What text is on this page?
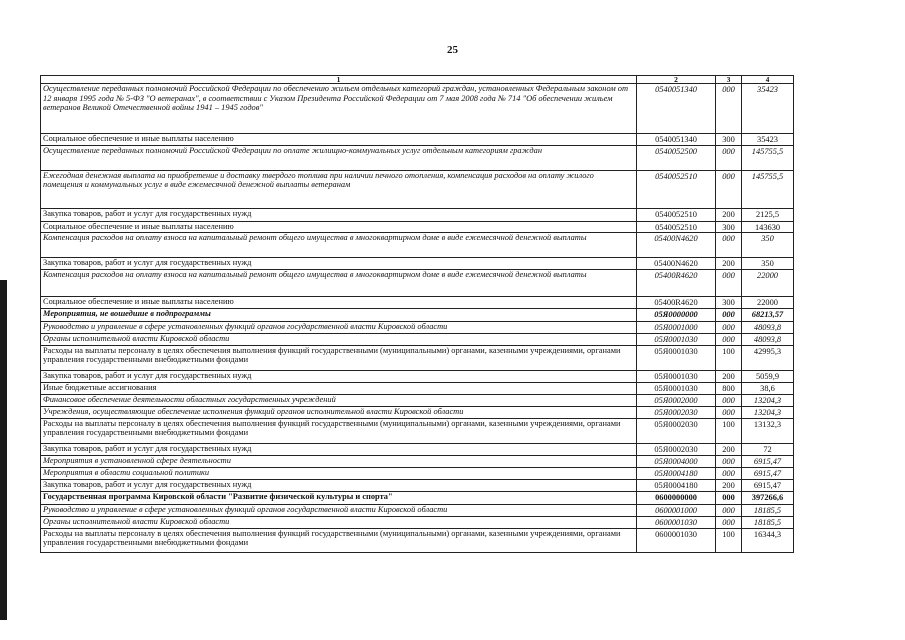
25
1	2	3	4
Осуществление переданных полномочий Российской Федерации по обеспечению жильем отдельных категорий граждан, установленных Федеральным законом от 12 января 1995 года № 5-ФЗ "О ветеранах", в соответствии с Указом Президента Российской Федерации от 7 мая 2008 года № 714 "Об обеспечении жильем ветеранов Великой Отечественной войны 1941 – 1945 годов"	0540051340	000	35423
Социальное обеспечение и иные выплаты населению	0540051340	300	35423
Осуществление переданных полномочий Российской Федерации по оплате жилищно-коммунальных услуг отдельным категориям граждан	0540052500	000	145755,5
Ежегодная денежная выплата на приобретение и доставку твердого топлива при наличии печного отопления, компенсация расходов на оплату жилого помещения и коммунальных услуг в виде ежемесячной денежной выплаты ветеранам	0540052510	000	145755,5
Закупка товаров, работ и услуг для государственных нужд	0540052510	200	2125,5
Социальное обеспечение и иные выплаты населению	0540052510	300	143630
Компенсация расходов на оплату взноса на капитальный ремонт общего имущества в многоквартирном доме в виде ежемесячной денежной выплаты	05400N4620	000	350
Закупка товаров, работ и услуг для государственных нужд	05400N4620	200	350
Компенсация расходов на оплату взноса на капитальный ремонт общего имущества в многоквартирном доме в виде ежемесячной денежной выплаты	05400R4620	000	22000
Социальное обеспечение и иные выплаты населению	05400R4620	300	22000
Мероприятия, не вошедшие в подпрограммы	05Я0000000	000	68213,57
Руководство и управление в сфере установленных функций органов государственной власти Кировской области	05Я0001000	000	48093,8
Органы исполнительной власти Кировской области	05Я0001030	000	48093,8
Расходы на выплаты персоналу в целях обеспечения выполнения функций государственными (муниципальными) органами, казенными учреждениями, органами управления государственными внебюджетными фондами	05Я0001030	100	42995,3
Закупка товаров, работ и услуг для государственных нужд	05Я0001030	200	5059,9
Иные бюджетные ассигнования	05Я0001030	800	38,6
Финансовое обеспечение деятельности областных государственных учреждений	05Я0002000	000	13204,3
Учреждения, осуществляющие обеспечение исполнения функций органов исполнительной власти Кировской области	05Я0002030	000	13204,3
Расходы на выплаты персоналу в целях обеспечения выполнения функций государственными (муниципальными) органами, казенными учреждениями, органами управления государственными внебюджетными фондами	05Я0002030	100	13132,3
Закупка товаров, работ и услуг для государственных нужд	05Я0002030	200	72
Мероприятия в установленной сфере деятельности	05Я0004000	000	6915,47
Мероприятия в области социальной политики	05Я0004180	000	6915,47
Закупка товаров, работ и услуг для государственных нужд	05Я0004180	200	6915,47
Государственная программа Кировской области "Развитие физической культуры и спорта"	0600000000	000	397266,6
Руководство и управление в сфере установленных функций органов государственной власти Кировской области	0600001000	000	18185,5
Органы исполнительной власти Кировской области	0600001030	000	18185,5
Расходы на выплаты персоналу в целях обеспечения выполнения функций государственными (муниципальными) органами, казенными учреждениями, органами управления государственными внебюджетными фондами	0600001030	100	16344,3
